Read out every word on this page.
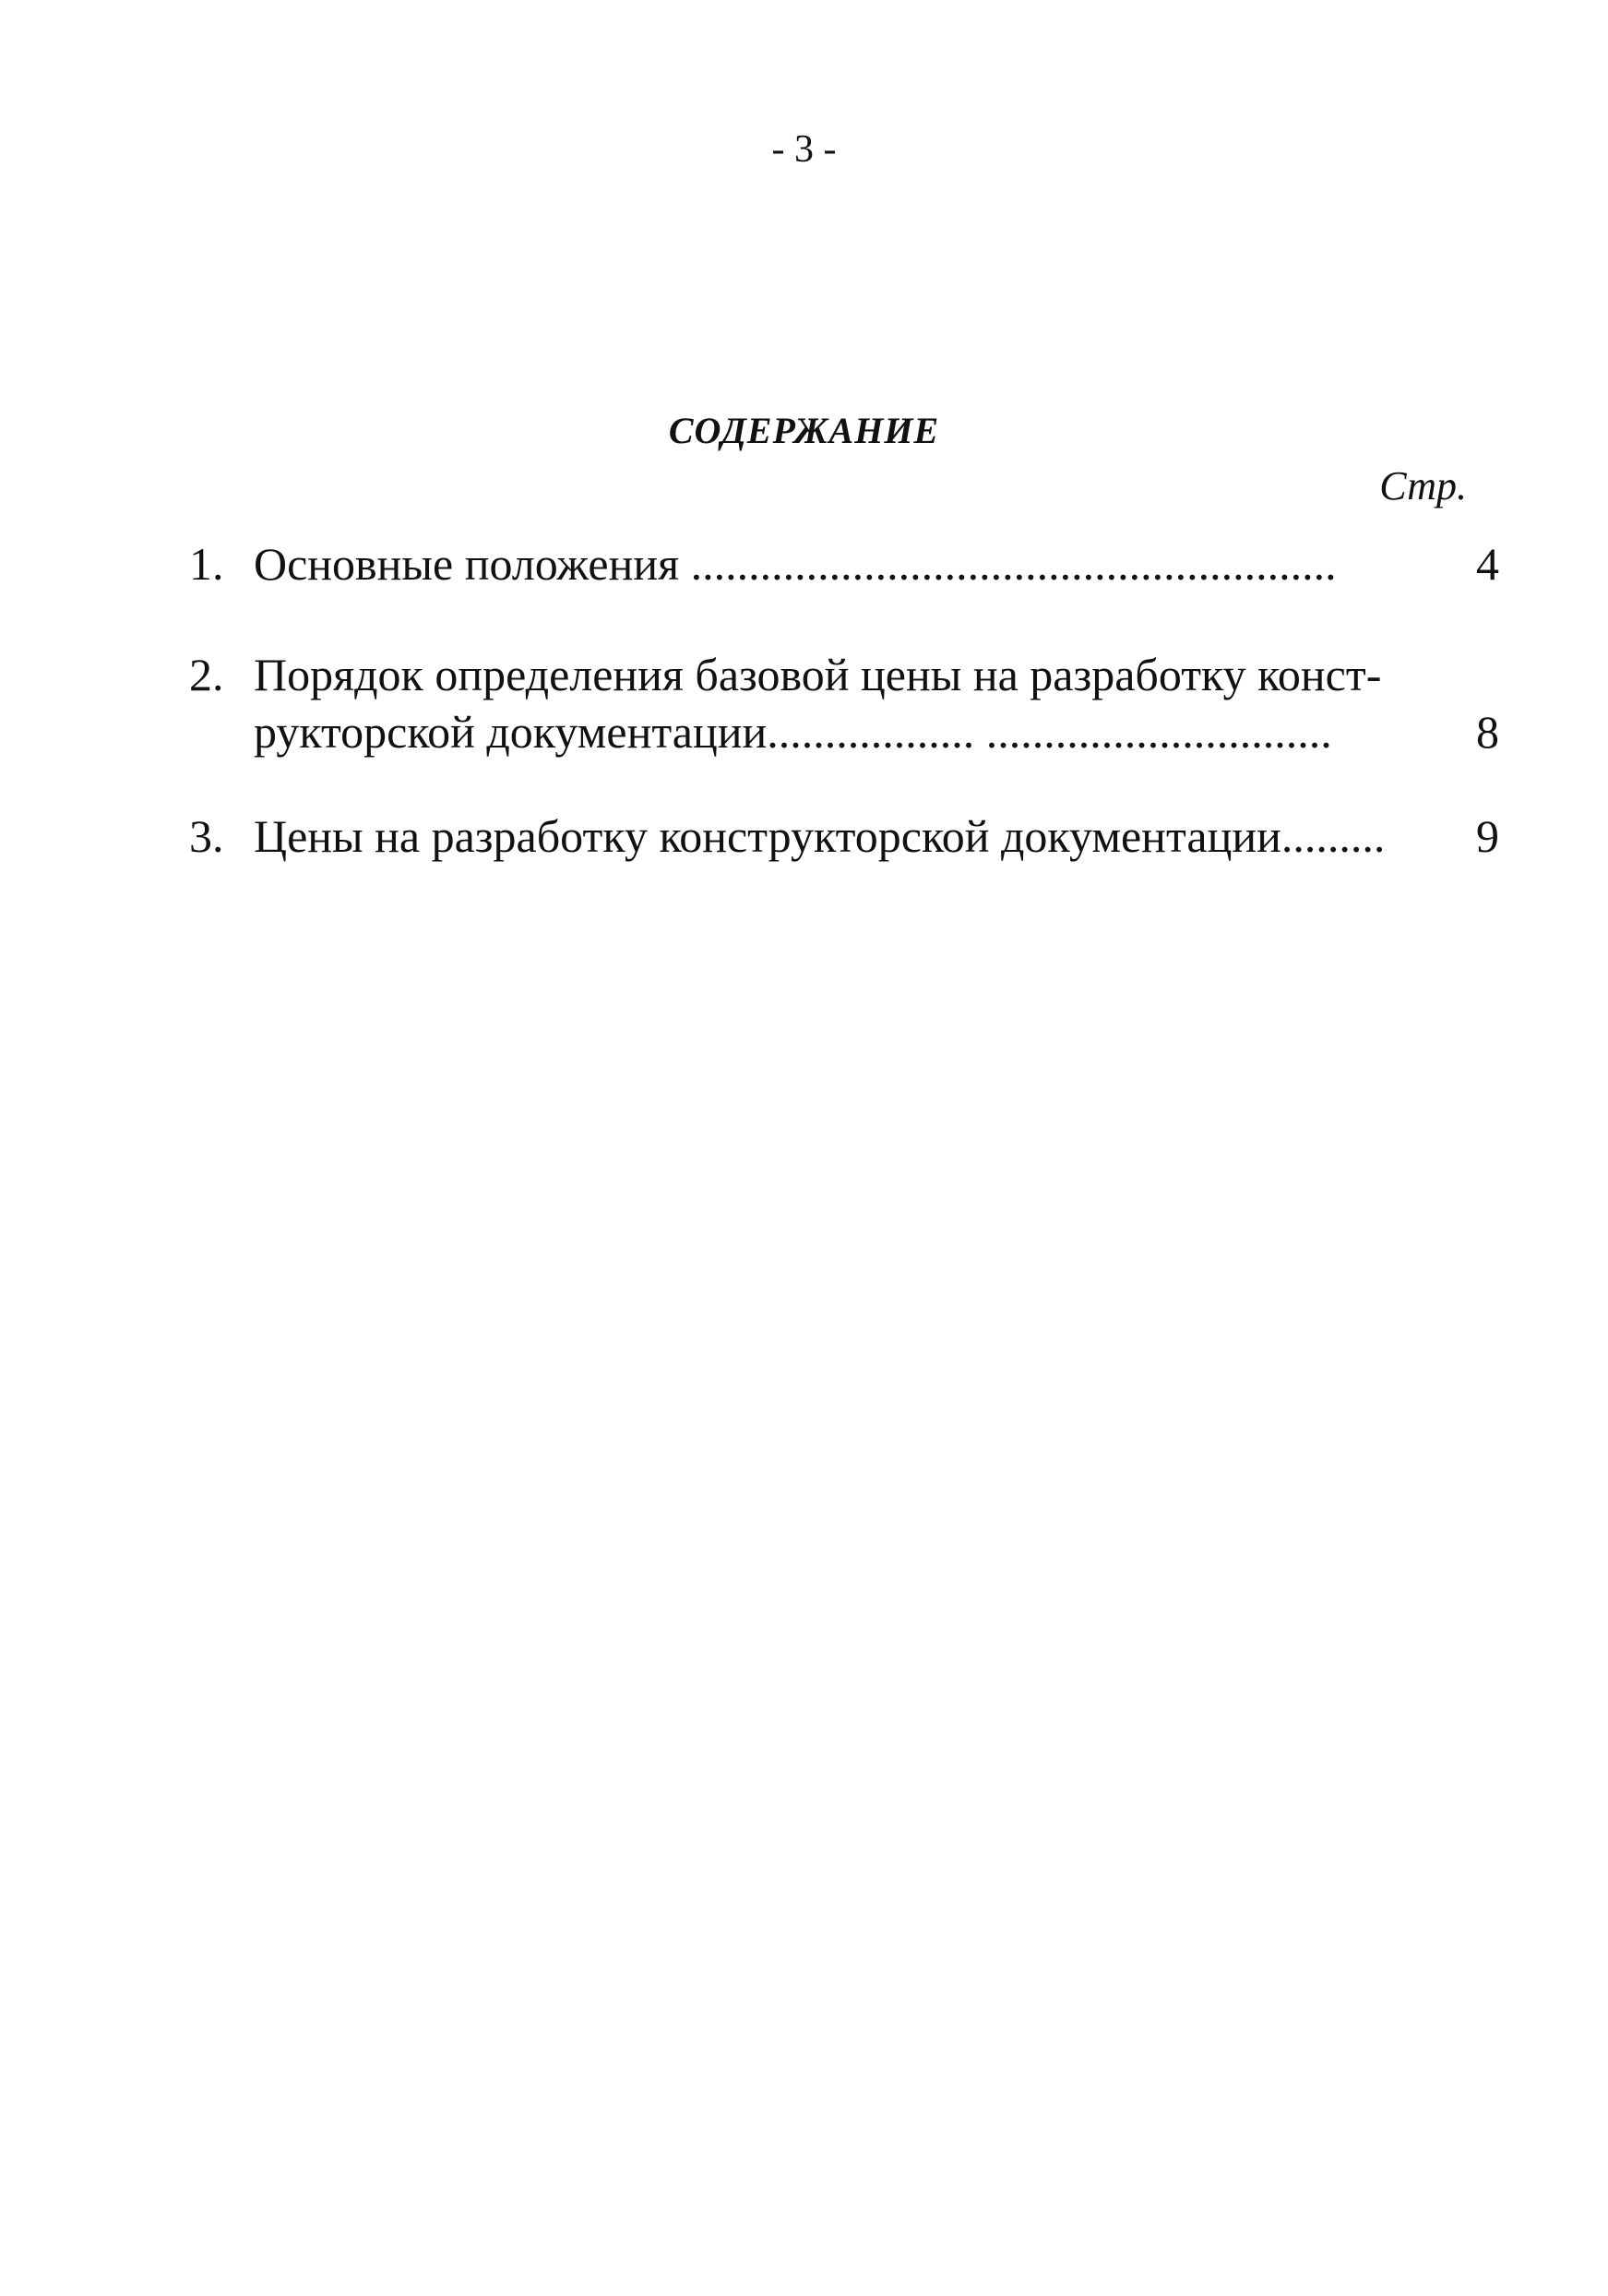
- 3 -
СОДЕРЖАНИЕ
Стр.
1. Основные положения ........................................................	4
2. Порядок определения базовой цены на разработку конст-
рукторской документации.................. ..............................	8
3. Цены на разработку конструкторской документации.........	9
